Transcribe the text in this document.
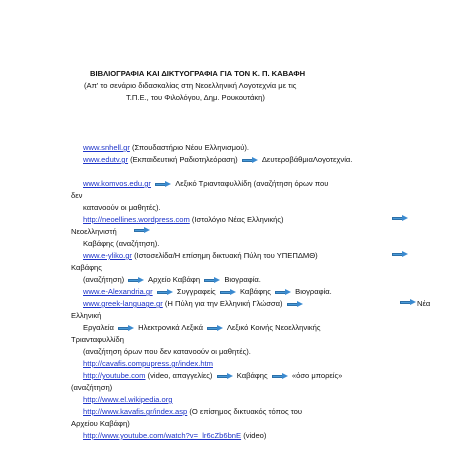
ΒΙΒΛΙΟΓΡΑΦΙΑ ΚΑΙ ΔΙΚΤΥΟΓΡΑΦΙΑ ΓΙΑ ΤΟΝ Κ. Π. ΚΑΒΑΦΗ
(Απ' το σενάριο διδασκαλίας στη Νεοελληνική Λογοτεχνία με τις
Τ.Π.Ε., του Φιλολόγου, Δημ. Ρουκουτάκη)
www.snhell.gr (Σπουδαστήριο Νέου Ελληνισμού).
www.edutv.gr (Εκπαιδευτική Ραδιοτηλεόραση)	ΔευτεροβάθμιαΛογοτεχνία.
www.komvos.edu.gr	Λεξικό Τριανταφυλλίδη (αναζήτηση όρων που
δεν
κατανοούν οι μαθητές).
http://neoellines.wordpress.com (Ιστολόγιο Νέας Ελληνικής)
Νεοελληνιστή
Καβάφης (αναζήτηση).
www.e-yliko.gr (Ιστοσελίδα/Η επίσημη δικτυακή Πύλη του ΥΠΕΠΔΜΘ)
Καβάφης
(αναζήτηση)	Αρχείο Καβάφη	Βιογραφία.
www.e-Alexandria.gr	Συγγραφείς	Καβάφης	Βιογραφία.
www.greek-language.gr (Η Πύλη για την Ελληνική Γλώσσα)	Νέα
Ελληνική
Εργαλεία	Ηλεκτρονικά Λεξικά	Λεξικό Κοινής Νεοελληνικής
Τριανταφυλλίδη
(αναζήτηση όρων που δεν κατανοούν οι μαθητές).
http://cavafis.compupress.gr/index.htm
http://youtube.com (video, απαγγελίες)	Καβάφης	«όσο μπορείς»
(αναζήτηση)
http://www.el.wikipedia.org
http://www.kavafis.gr/index.asp (Ο επίσημος δικτυακός τόπος του
Αρχείου Καβάφη)
http://www.youtube.com/watch?v=_lr6cZb6bnE (video)
